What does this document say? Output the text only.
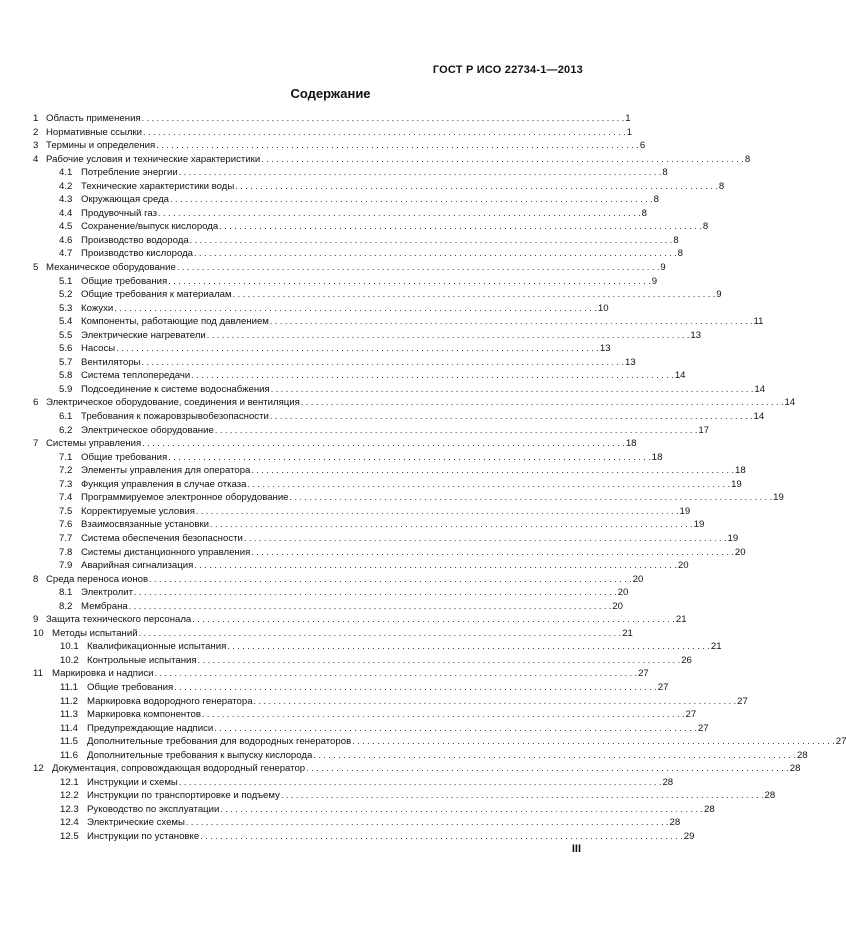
ГОСТ Р ИСО 22734-1—2013
Содержание
1 Область применения . . .	1
2 Нормативные ссылки . . .	1
3 Термины и определения . . .	6
4 Рабочие условия и технические характеристики . . .	8
4.1 Потребление энергии . . .	8
4.2 Технические характеристики воды . . .	8
4.3 Окружающая среда . . .	8
4.4 Продувочный газ . . .	8
4.5 Сохранение/выпуск кислорода . . .	8
4.6 Производство водорода . . .	8
4.7 Производство кислорода . . .	8
5 Механическое оборудование . . .	9
5.1 Общие требования . . .	9
5.2 Общие требования к материалам . . .	9
5.3 Кожухи . . .	10
5.4 Компоненты, работающие под давлением . . .	11
5.5 Электрические нагреватели . . .	13
5.6 Насосы . . .	13
5.7 Вентиляторы . . .	13
5.8 Система теплопередачи . . .	14
5.9 Подсоединение к системе водоснабжения . . .	14
6 Электрическое оборудование, соединения и вентиляция . . .	14
6.1 Требования к пожаровзрывобезопасности . . .	14
6.2 Электрическое оборудование . . .	17
7 Системы управления . . .	18
7.1 Общие требования . . .	18
7.2 Элементы управления для оператора . . .	18
7.3 Функция управления в случае отказа . . .	19
7.4 Программируемое электронное оборудование . . .	19
7.5 Корректируемые условия . . .	19
7.6 Взаимосвязанные установки . . .	19
7.7 Система обеспечения безопасности . . .	19
7.8 Системы дистанционного управления . . .	20
7.9 Аварийная сигнализация . . .	20
8 Среда переноса ионов . . .	20
8.1 Электролит . . .	20
8.2 Мембрана . . .	20
9 Защита технического персонала . . .	21
10 Методы испытаний . . .	21
10.1 Квалификационные испытания . . .	21
10.2 Контрольные испытания . . .	26
11 Маркировка и надписи . . .	27
11.1 Общие требования . . .	27
11.2 Маркировка водородного генератора . . .	27
11.3 Маркировка компонентов . . .	27
11.4 Предупреждающие надписи . . .	27
11.5 Дополнительные требования для водородных генераторов . . .	27
11.6 Дополнительные требования к выпуску кислорода . . .	28
12 Документация, сопровождающая водородный генератор . . .	28
12.1 Инструкции и схемы . . .	28
12.2 Инструкции по транспортировке и подъему . . .	28
12.3 Руководство по эксплуатации . . .	28
12.4 Электрические схемы . . .	28
12.5 Инструкции по установке . . .	29
III
